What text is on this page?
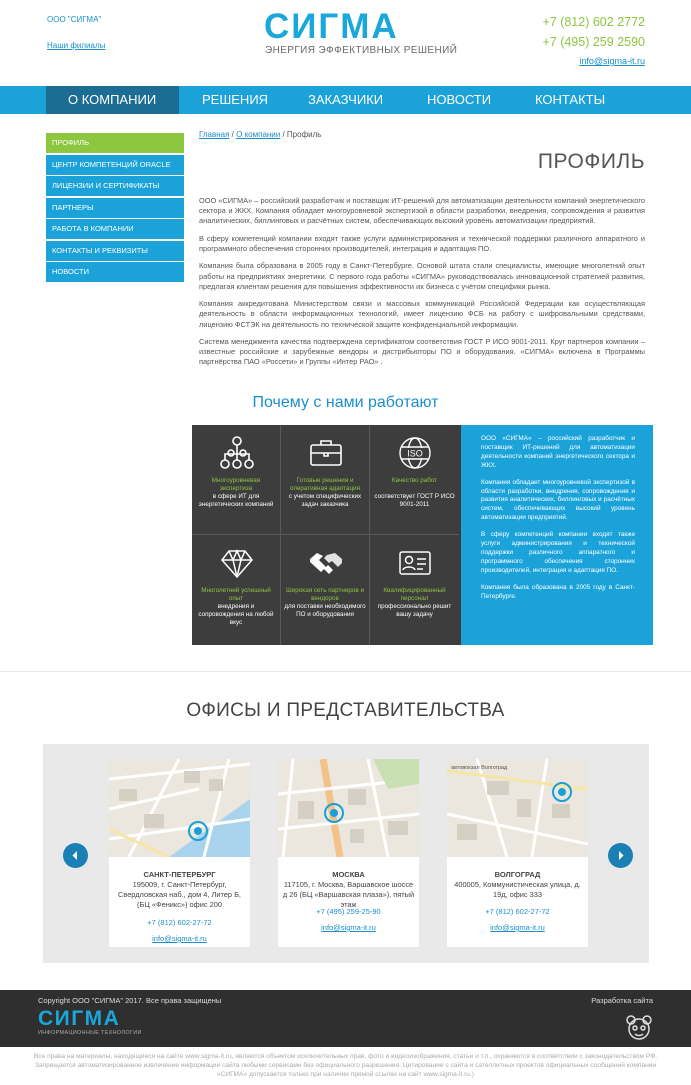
ООО "СИГМА"
Наши филиалы	СИГМА
ЭНЕРГИЯ ЭФФЕКТИВНЫХ РЕШЕНИЙ
+7 (812) 602 2772
+7 (495) 259 2590
info@sigma-it.ru
О КОМПАНИИ	РЕШЕНИЯ	ЗАКАЗЧИКИ	НОВОСТИ	КОНТАКТЫ
ПРОФИЛЬ
ЦЕНТР КОМПЕТЕНЦИЙ ORACLE
ЛИЦЕНЗИИ И СЕРТИФИКАТЫ
ПАРТНЕРЫ
РАБОТА В КОМПАНИИ
КОНТАКТЫ И РЕКВИЗИТЫ
НОВОСТИ
Главная / О компании / Профиль
ПРОФИЛЬ

ООО «СИГМА» – российский разработчик и поставщик ИТ-решений для автоматизации деятельности компаний энергетического сектора и ЖКХ. Компания обладает многоуровневой экспертизой в области разработки, внедрения, сопровождения и развития аналитических, биллинговых и расчётных систем, обеспечивающих высокий уровень автоматизации предприятий.

В сферу компетенций компании входят также услуги администрирования и технической поддержки различного аппаратного и программного обеспечения сторонних производителей, интеграция и адаптация ПО.

Компания была образована в 2005 году в Санкт-Петербурге. Основой штата стали специалисты, имеющие многолетний опыт работы на предприятиях энергетики. С первого года работы «СИГМА» руководствовалась инновационной стратегией развития, предлагая клиентам решения для повышения эффективности их бизнеса с учётом специфики рынка.

Компания аккредитована Министерством связи и массовых коммуникаций Российской Федерации как осуществляющая деятельность в области информационных технологий, имеет лицензию ФСБ на работу с шифровальными средствами, лицензию ФСТЭК на деятельность по технической защите конфиденциальной информации.

Система менеджмента качества подтверждена сертификатом соответствия ГОСТ Р ИСО 9001-2011. Круг партнеров компании – известные российские и зарубежные вендоры и дистрибьюторы ПО и оборудования. «СИГМА» включена в Программы партнёрства ПАО «Россети» и Группы «Интер РАО» .

Почему с нами работают
Многоуровневая экспертиза
в сфере ИТ для энергетических компаний
Готовые решения и оперативная адаптация
с учетом специфических задач заказчика
ISO
Качество работ
соответствует ГОСТ Р ИСО 9001-2011
Многолетний успешный опыт
внедрения и сопровождения на любой вкус
Широкая сеть партнеров и вендоров
для поставки необходимого ПО и оборудования
Квалифицированный персонал
профессионально решит вашу задачу

ООО «СИГМА» – российский разработчик и поставщик ИТ-решений для автоматизации деятельности компаний энергетического сектора и ЖКХ.

Компания обладает многоуровневой экспертизой в области разработки, внедрения, сопровождения и развития аналитических, биллинговых и расчётных систем, обеспечивающих высокий уровень автоматизации предприятий.

В сферу компетенций компании входят также услуги администрирования и технической поддержки различного аппаратного и программного обеспечения сторонних производителей, интеграция и адаптация ПО.

Компания была образована в 2005 году в Санкт-Петербурге.

ОФИСЫ И ПРЕДСТАВИТЕЛЬСТВА
САНКТ-ПЕТЕРБУРГ
195009, г. Санкт-Петербург, Свердловская наб., дом 4, Литер Б, (БЦ «Феникс») офис 200
+7 (812) 602-27-72
info@sigma-it.ru
МОСКВА
117105, г. Москва, Варшавское шоссе д 26 (БЦ «Варшавская плаза»), пятый этаж
+7 (495) 259-25-90
info@sigma-it.ru
автовокзал Волгоград
ВОЛГОГРАД
400005, Коммунистическая улица, д. 19д, офис 333
+7 (812) 602-27-72
info@sigma-it.ru
Copyright ООО "СИГМА" 2017. Все права защищены
СИГМА
ИНФОРМАЦИОННЫЕ ТЕХНОЛОГИИ
Разработка сайта
Все права на материалы, находящиеся на сайте www.sigma-it.ru, являются объектом исключительных прав, фото и видеоизображения, статьи и т.п., охраняются в соответствии с законодательством РФ. Запрещается автоматизированное извлечение информации сайта любыми сервисами без официального разрешения. Цитирование с сайта и сателлитных проектов официальных сообщений компании «СИГМА» допускается только при наличии прямой ссылки на сайт www.sigma-it.ru.)
